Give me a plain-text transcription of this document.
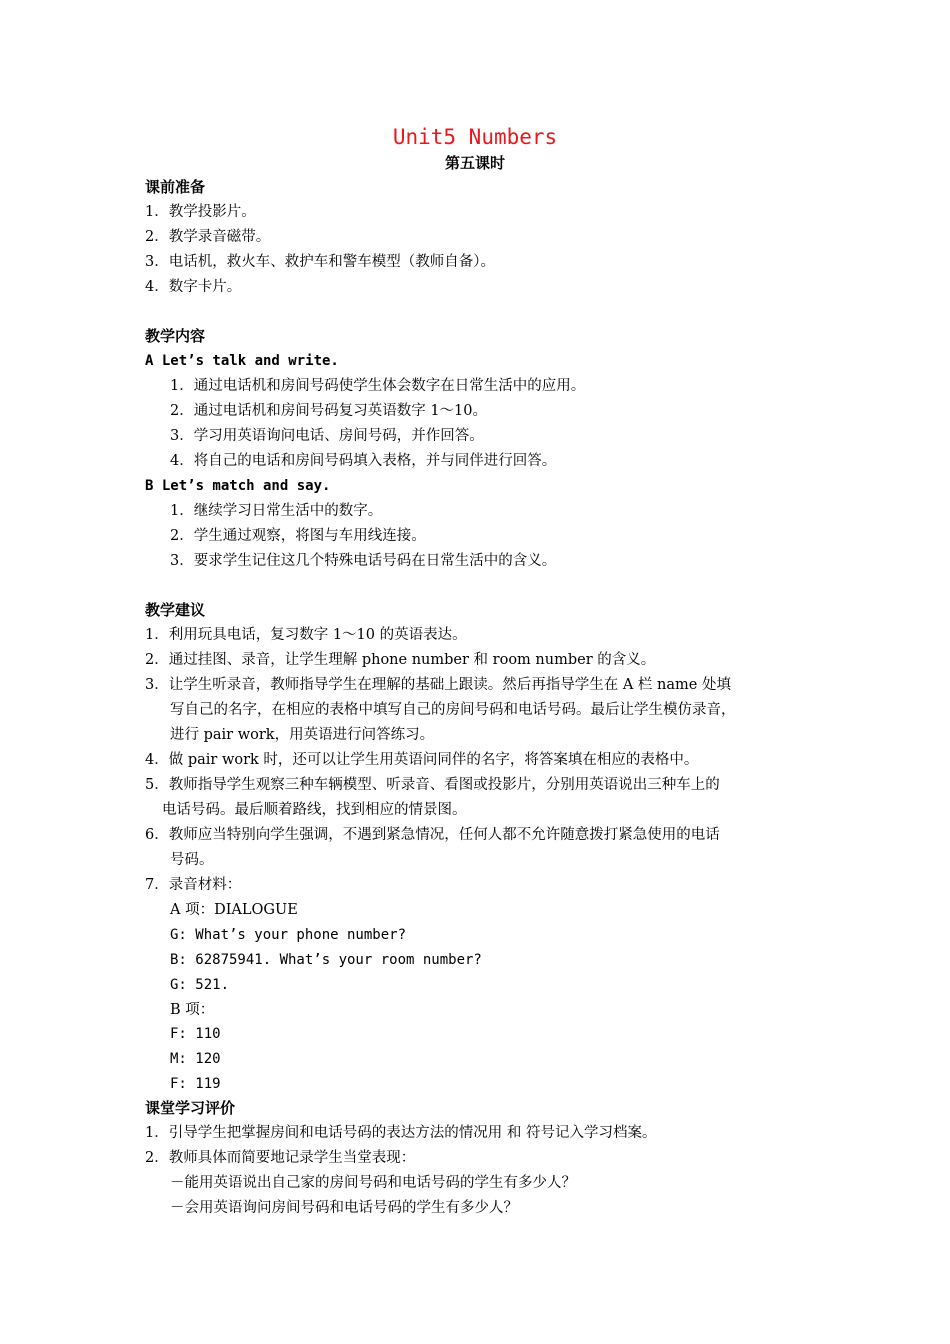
Unit5 Numbers
第五课时
课前准备
1．教学投影片。
2．教学录音磁带。
3．电话机，救火车、救护车和警车模型（教师自备）。
4．数字卡片。
教学内容
A Let’s talk and write.
1．通过电话机和房间号码使学生体会数字在日常生活中的应用。
2．通过电话机和房间号码复习英语数字 1～10。
3．学习用英语询问电话、房间号码，并作回答。
4．将自己的电话和房间号码填入表格，并与同伴进行回答。
B Let’s match and say.
1．继续学习日常生活中的数字。
2．学生通过观察，将图与车用线连接。
3．要求学生记住这几个特殊电话号码在日常生活中的含义。
教学建议
1．利用玩具电话，复习数字 1～10 的英语表达。
2．通过挂图、录音，让学生理解 phone number 和 room number 的含义。
3．让学生听录音，教师指导学生在理解的基础上跟读。然后再指导学生在 A 栏 name 处填
写自己的名字，在相应的表格中填写自己的房间号码和电话号码。最后让学生模仿录音，
进行 pair work，用英语进行问答练习。
4．做 pair work 时，还可以让学生用英语问同伴的名字，将答案填在相应的表格中。
5．教师指导学生观察三种车辆模型、听录音、看图或投影片，分别用英语说出三种车上的
电话号码。最后顺着路线，找到相应的情景图。
6．教师应当特别向学生强调，不遇到紧急情况，任何人都不允许随意拨打紧急使用的电话
号码。
7．录音材料：
A 项：DIALOGUE
G: What’s your phone number?
B: 62875941. What’s your room number?
G: 521.
B 项：
F: 110
M: 120
F: 119
课堂学习评价
1．引导学生把掌握房间和电话号码的表达方法的情况用 和 符号记入学习档案。
2．教师具体而简要地记录学生当堂表现：
－能用英语说出自己家的房间号码和电话号码的学生有多少人？
－会用英语询问房间号码和电话号码的学生有多少人？
